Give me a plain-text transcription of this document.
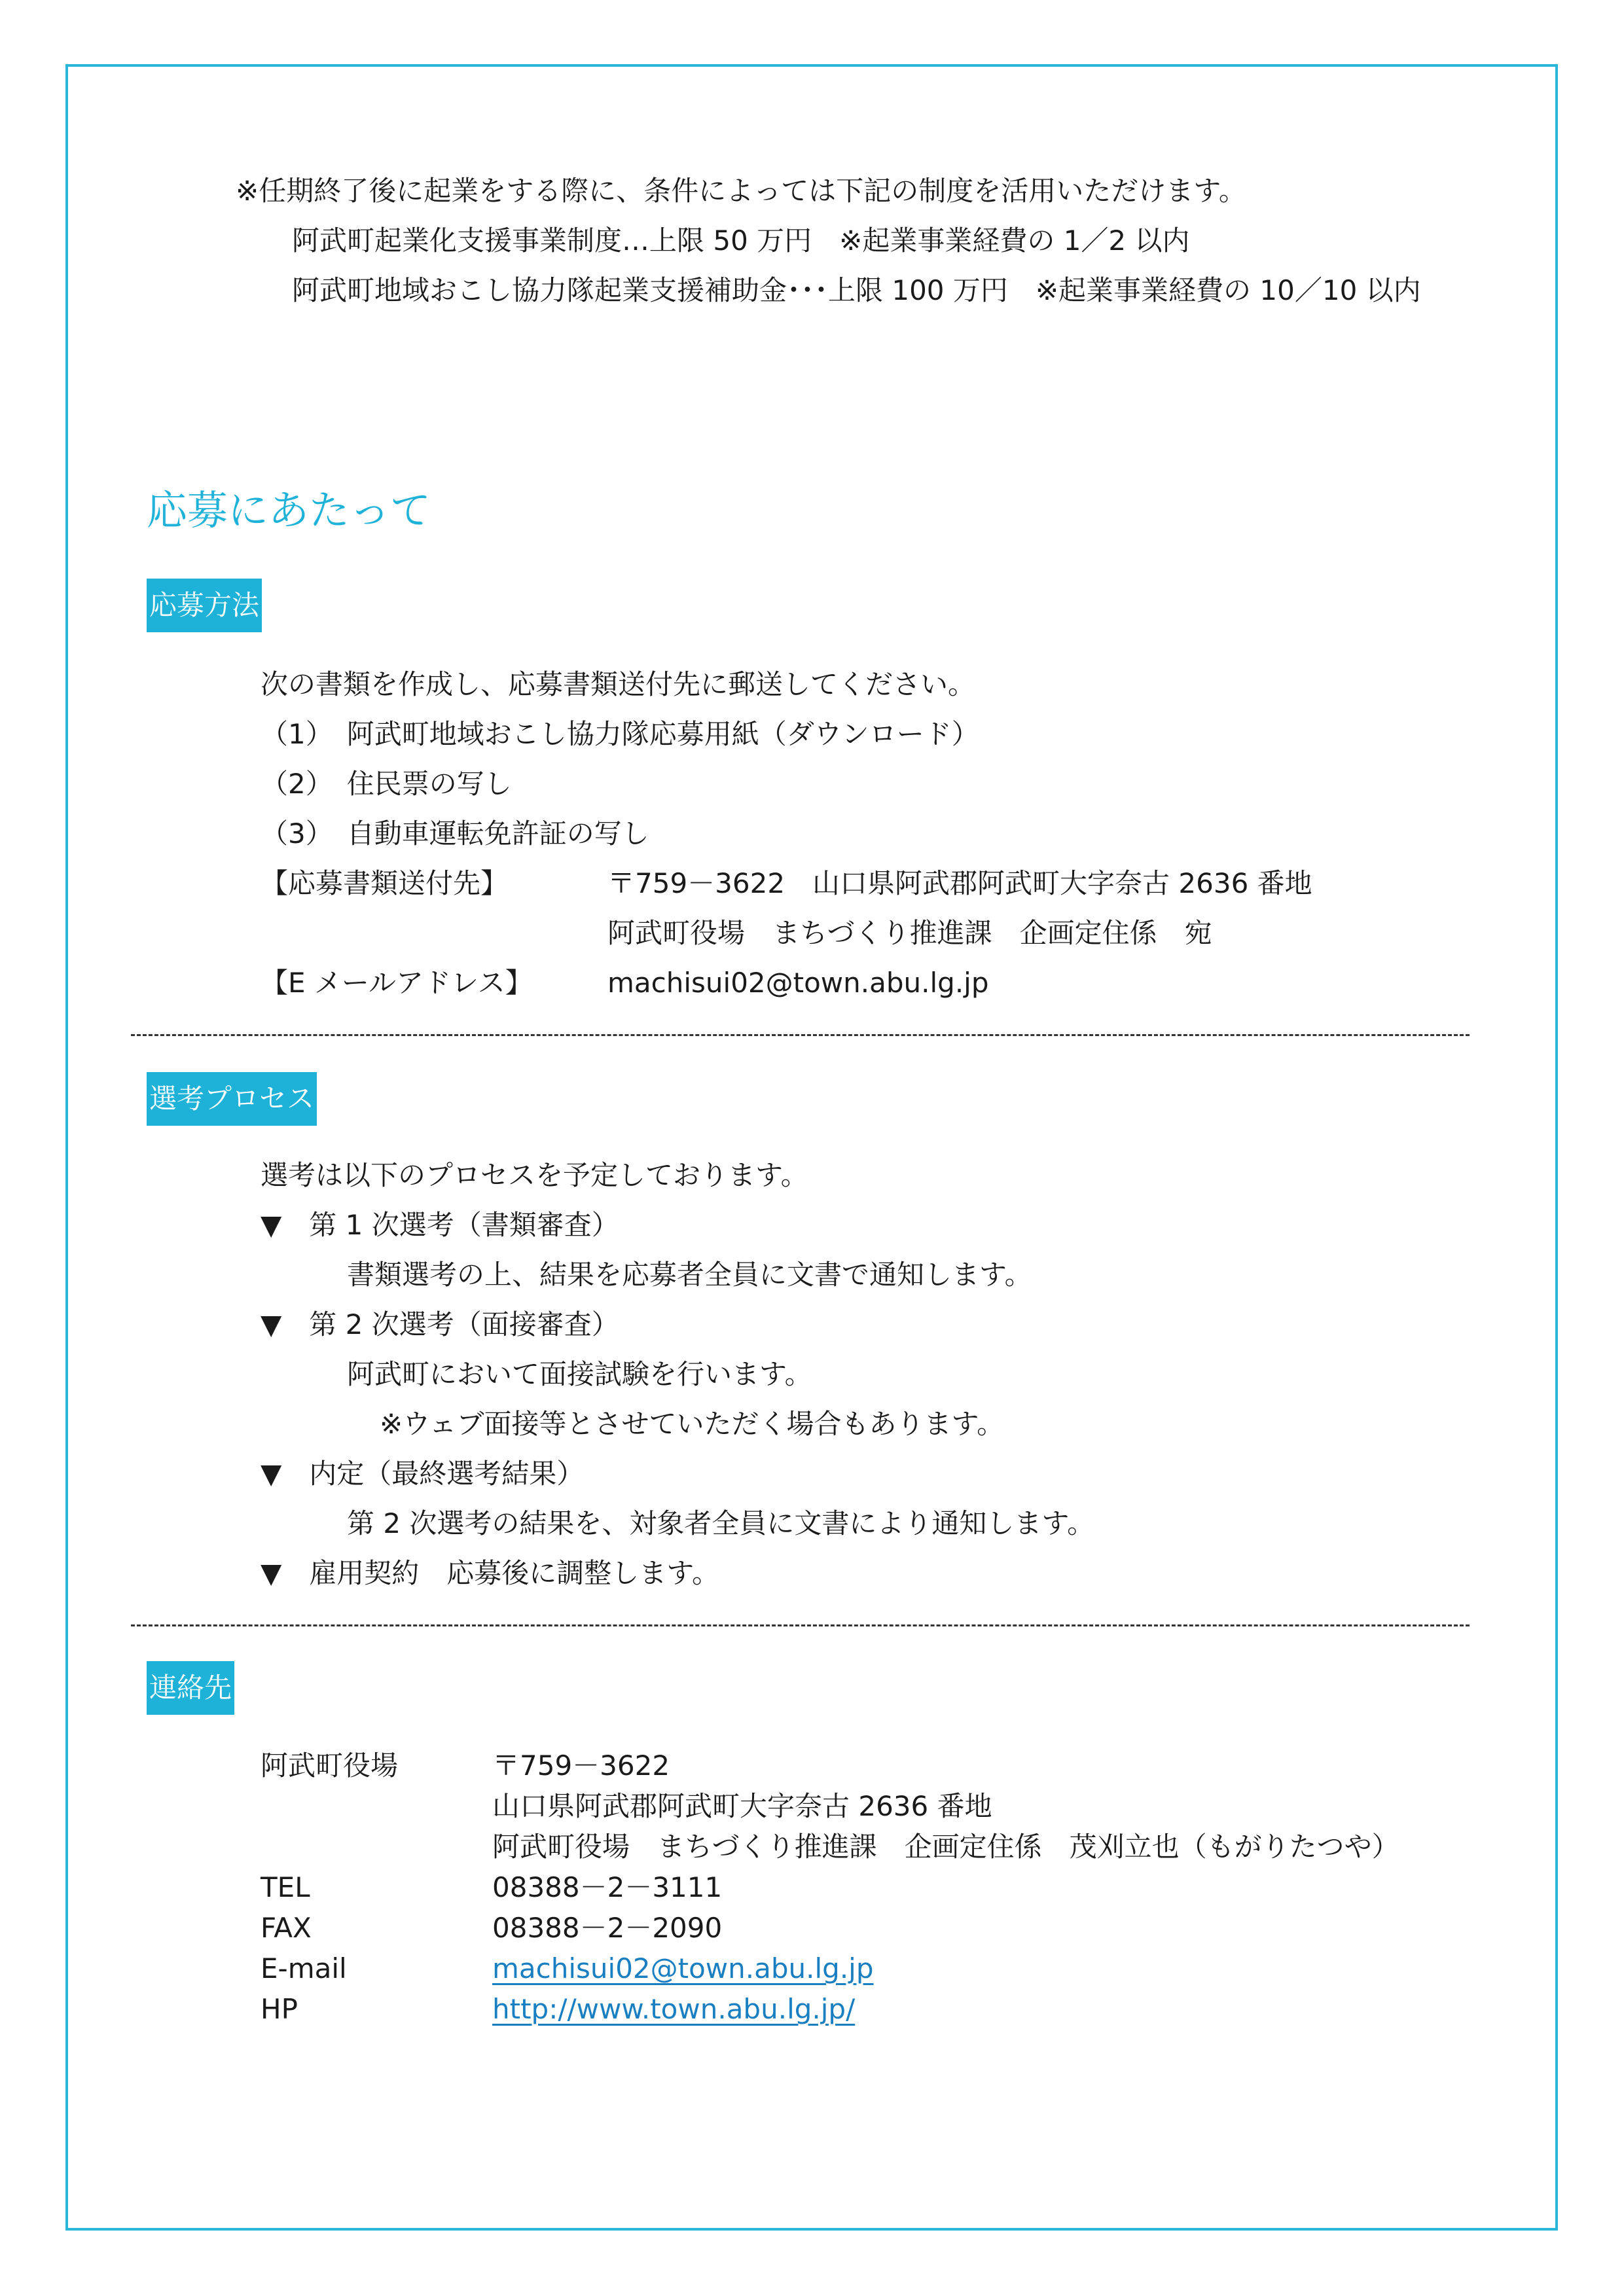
※任期終了後に起業をする際に、条件によっては下記の制度を活用いただけます。
阿武町起業化支援事業制度…上限 50 万円　※起業事業経費の 1／2 以内
阿武町地域おこし協力隊起業支援補助金･･･上限 100 万円　※起業事業経費の 10／10 以内
応募にあたって
応募方法
次の書類を作成し、応募書類送付先に郵送してください。
（1）　阿武町地域おこし協力隊応募用紙（ダウンロード）
（2）　住民票の写し
（3）　自動車運転免許証の写し
【応募書類送付先】	〒759－3622　山口県阿武郡阿武町大字奈古 2636 番地
阿武町役場　まちづくり推進課　企画定住係　宛
【E メールアドレス】	machisui02@town.abu.lg.jp
選考プロセス
選考は以下のプロセスを予定しております。
▼　第 1 次選考（書類審査）
書類選考の上、結果を応募者全員に文書で通知します。
▼　第 2 次選考（面接審査）
阿武町において面接試験を行います。
※ウェブ面接等とさせていただく場合もあります。
▼　内定（最終選考結果）
第 2 次選考の結果を、対象者全員に文書により通知します。
▼　雇用契約　応募後に調整します。
連絡先
阿武町役場	〒759－3622
山口県阿武郡阿武町大字奈古 2636 番地
阿武町役場　まちづくり推進課　企画定住係　茂刈立也（もがりたつや）
TEL	08388－2－3111
FAX	08388－2－2090
E-mail	machisui02@town.abu.lg.jp
HP	http://www.town.abu.lg.jp/
